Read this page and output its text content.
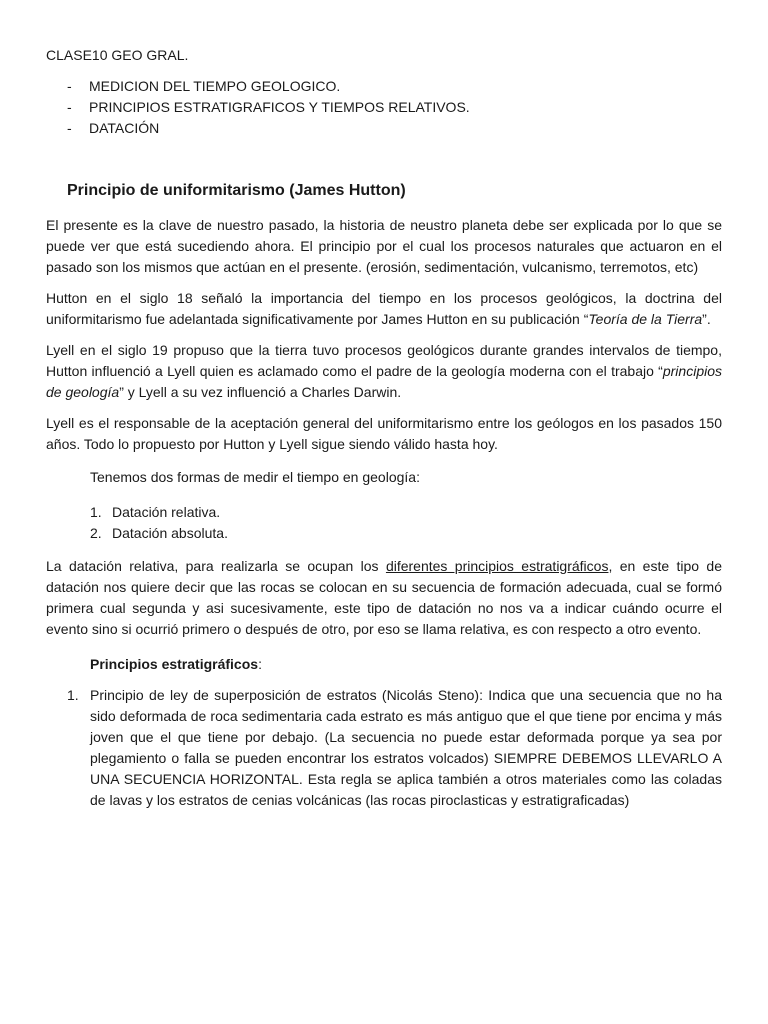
CLASE10 GEO GRAL.

- MEDICION DEL TIEMPO GEOLOGICO.
- PRINCIPIOS ESTRATIGRAFICOS Y TIEMPOS RELATIVOS.
- DATACIÓN
Principio de uniformitarismo (James Hutton)

El presente es la clave de nuestro pasado, la historia de neustro planeta debe ser explicada por lo que se puede ver que está sucediendo ahora. El principio por el cual los procesos naturales que actuaron en el pasado son los mismos que actúan en el presente. (erosión, sedimentación, vulcanismo, terremotos, etc)

Hutton en el siglo 18 señaló la importancia del tiempo en los procesos geológicos, la doctrina del uniformitarismo fue adelantada significativamente por James Hutton en su publicación “Teoría de la Tierra”.

Lyell en el siglo 19 propuso que la tierra tuvo procesos geológicos durante grandes intervalos de tiempo, Hutton influenció a Lyell quien es aclamado como el padre de la geología moderna con el trabajo “principios de geología” y Lyell a su vez influenció a Charles Darwin.

Lyell es el responsable de la aceptación general del uniformitarismo entre los geólogos en los pasados 150 años. Todo lo propuesto por Hutton y Lyell sigue siendo válido hasta hoy.

Tenemos dos formas de medir el tiempo en geología:

1. Datación relativa.
2. Datación absoluta.

La datación relativa, para realizarla se ocupan los diferentes principios estratigráficos, en este tipo de datación nos quiere decir que las rocas se colocan en su secuencia de formación adecuada, cual se formó primera cual segunda y asi sucesivamente, este tipo de datación no nos va a indicar cuándo ocurre el evento sino si ocurrió primero o después de otro, por eso se llama relativa, es con respecto a otro evento.

Principios estratigráficos:

1. Principio de ley de superposición de estratos (Nicolás Steno): Indica que una secuencia que no ha sido deformada de roca sedimentaria cada estrato es más antiguo que el que tiene por encima y más joven que el que tiene por debajo. (La secuencia no puede estar deformada porque ya sea por plegamiento o falla se pueden encontrar los estratos volcados) SIEMPRE DEBEMOS LLEVARLO A UNA SECUENCIA HORIZONTAL. Esta regla se aplica también a otros materiales como las coladas de lavas y los estratos de cenias volcánicas (las rocas piroclasticas y estratigraficadas)
